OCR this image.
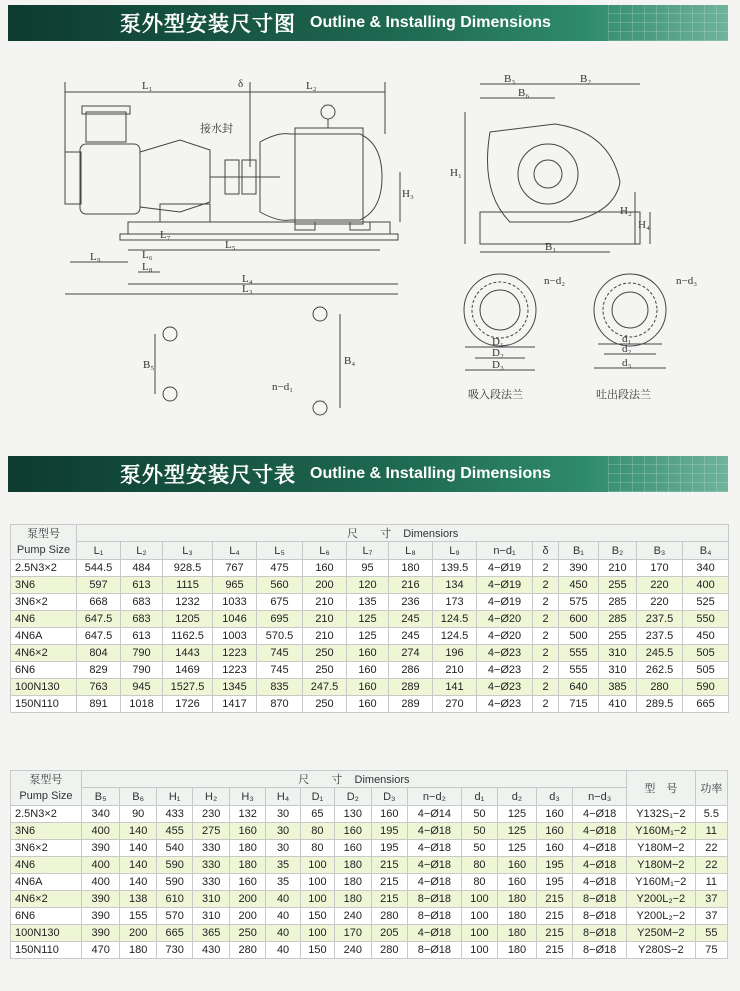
泵外型安装尺寸图 Outline & Installing Dimensions
L₁	L₂
δ
接水封
H₃
L₇
L₅
L₉	L₆
L₈
L₄
L₃
B₅	B₄
n−d₁
B₃	B₂
B₆
H₁
H₂
H₄
B₁
n−d₂	n−d₃
D₁
D₂
D₃
d₁
d₂
d₃
吸入段法兰	吐出段法兰
泵外型安装尺寸表 Outline & Installing Dimensions
泵型号
Pump Size	尺　　寸 Dimensiors														
	L₁	L₂	L₃	L₄	L₅	L₆	L₇	L₈	L₉	n−d₁	δ	B₁	B₂	B₃	B₄
2.5N3×2	544.5	484	928.5	767	475	160	95	180	139.5	4−Ø19	2	390	210	170	340
3N6	597	613	1115	965	560	200	120	216	134	4−Ø19	2	450	255	220	400
3N6×2	668	683	1232	1033	675	210	135	236	173	4−Ø19	2	575	285	220	525
4N6	647.5	683	1205	1046	695	210	125	245	124.5	4−Ø20	2	600	285	237.5	550
4N6A	647.5	613	1162.5	1003	570.5	210	125	245	124.5	4−Ø20	2	500	255	237.5	450
4N6×2	804	790	1443	1223	745	250	160	274	196	4−Ø23	2	555	310	245.5	505
6N6	829	790	1469	1223	745	250	160	286	210	4−Ø23	2	555	310	262.5	505
100N130	763	945	1527.5	1345	835	247.5	160	289	141	4−Ø23	2	640	385	280	590
150N110	891	1018	1726	1417	870	250	160	289	270	4−Ø23	2	715	410	289.5	665
泵型号
Pump Size	尺　　寸 Dimensiors														型　号	功率
	B₅	B₆	H₁	H₂	H₃	H₄	D₁	D₂	D₃	n−d₂	d₁	d₂	d₃	n−d₃		
2.5N3×2	340	90	433	230	132	30	65	130	160	4−Ø14	50	125	160	4−Ø18	Y132S₁−2	5.5
3N6	400	140	455	275	160	30	80	160	195	4−Ø18	50	125	160	4−Ø18	Y160M₁−2	11
3N6×2	390	140	540	330	180	30	80	160	195	4−Ø18	50	125	160	4−Ø18	Y180M−2	22
4N6	400	140	590	330	180	35	100	180	215	4−Ø18	80	160	195	4−Ø18	Y180M−2	22
4N6A	400	140	590	330	160	35	100	180	215	4−Ø18	80	160	195	4−Ø18	Y160M₁−2	11
4N6×2	390	138	610	310	200	40	100	180	215	8−Ø18	100	180	215	8−Ø18	Y200L₂−2	37
6N6	390	155	570	310	200	40	150	240	280	8−Ø18	100	180	215	8−Ø18	Y200L₂−2	37
100N130	390	200	665	365	250	40	100	170	205	4−Ø18	100	180	215	8−Ø18	Y250M−2	55
150N110	470	180	730	430	280	40	150	240	280	8−Ø18	100	180	215	8−Ø18	Y280S−2	75
